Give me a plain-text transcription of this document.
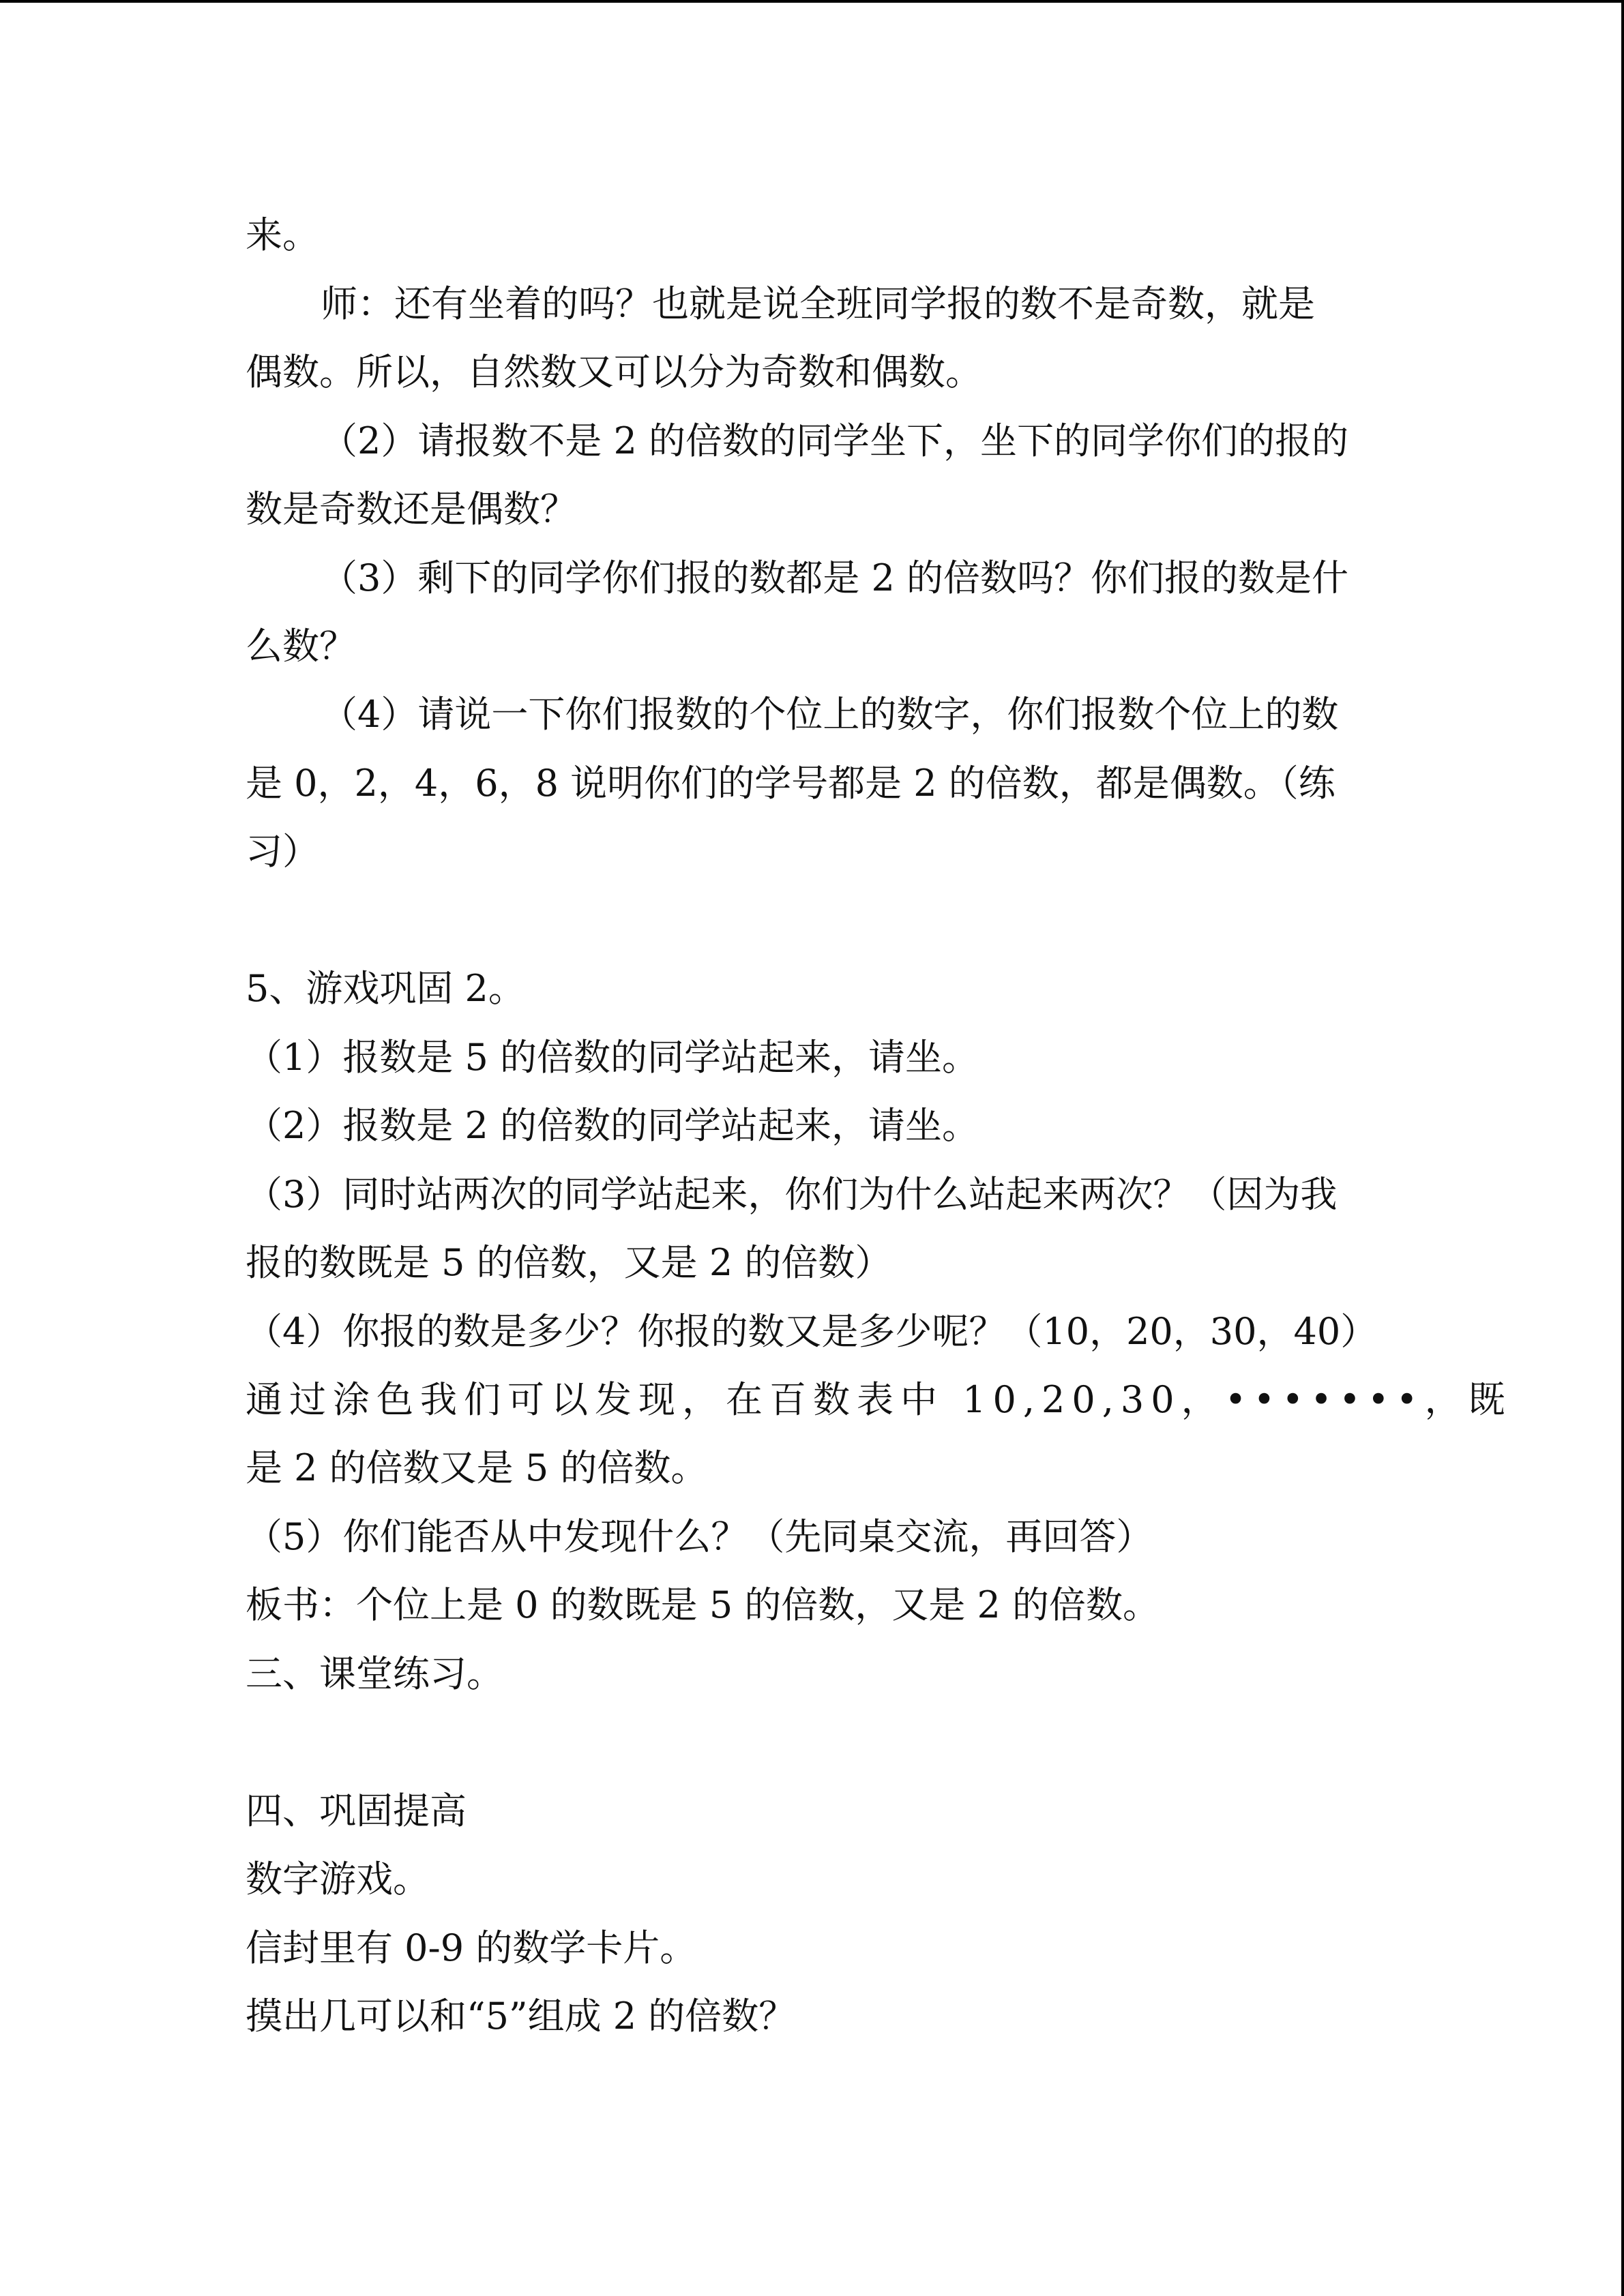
来。
师：还有坐着的吗？也就是说全班同学报的数不是奇数，就是
偶数。所以，自然数又可以分为奇数和偶数。
（2）请报数不是 2 的倍数的同学坐下，坐下的同学你们的报的
数是奇数还是偶数？
（3）剩下的同学你们报的数都是 2 的倍数吗？你们报的数是什
么数？
（4）请说一下你们报数的个位上的数字，你们报数个位上的数
是 0，2，4，6，8 说明你们的学号都是 2 的倍数，都是偶数。（练
习）
5、游戏巩固 2。
（1）报数是 5 的倍数的同学站起来，请坐。
（2）报数是 2 的倍数的同学站起来，请坐。
（3）同时站两次的同学站起来，你们为什么站起来两次？（因为我
报的数既是 5 的倍数，又是 2 的倍数）
（4）你报的数是多少？你报的数又是多少呢？（10，20，30，40）
通过涂色我们可以发现，在百数表中 10,20,30，•••••••，既
是 2 的倍数又是 5 的倍数。
（5）你们能否从中发现什么？（先同桌交流，再回答）
板书：个位上是 0 的数既是 5 的倍数，又是 2 的倍数。
三、课堂练习。
四、巩固提高
数字游戏。
信封里有 0-9 的数学卡片。
摸出几可以和“5”组成 2 的倍数？
